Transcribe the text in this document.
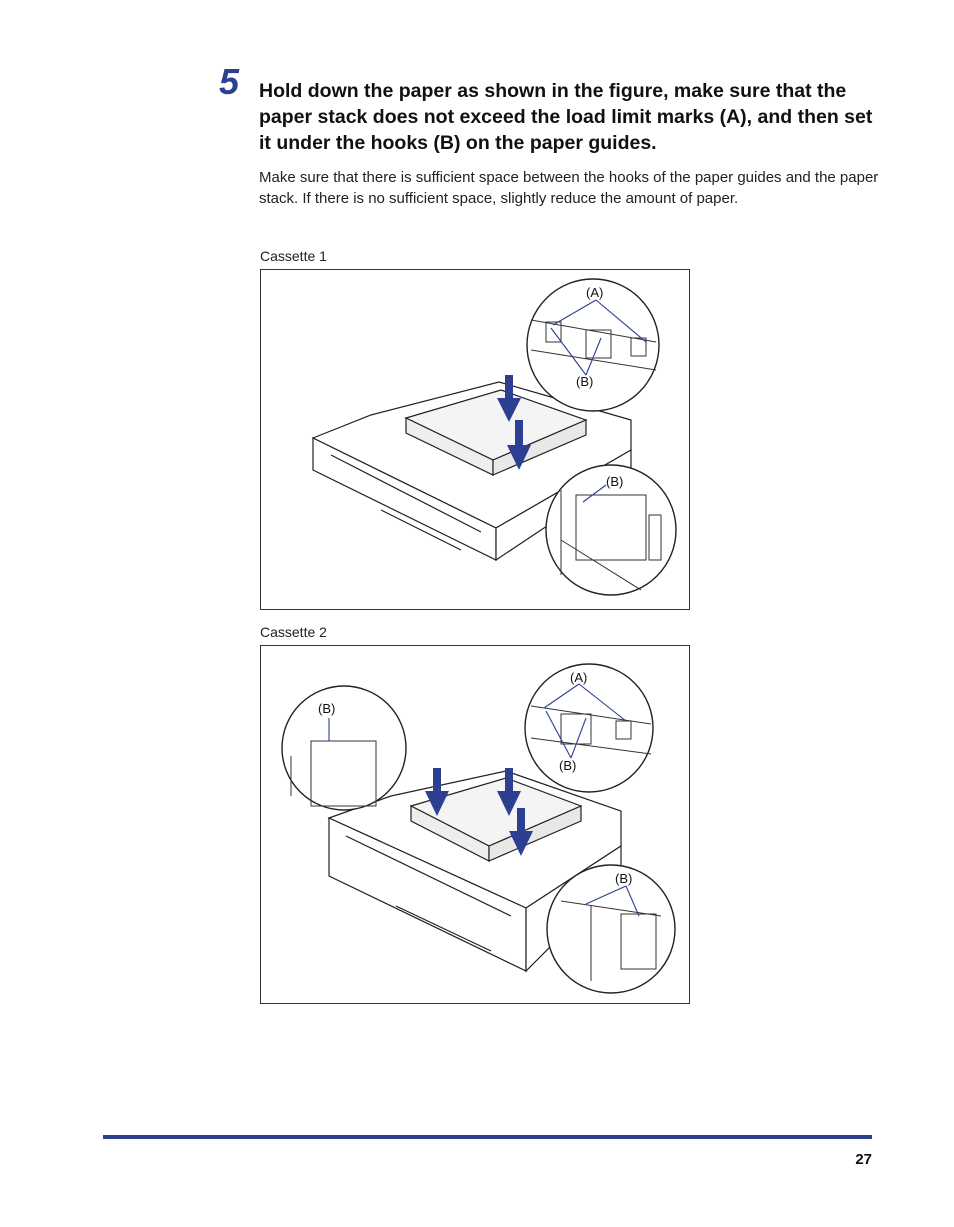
5 Hold down the paper as shown in the figure, make sure that the paper stack does not exceed the load limit marks (A), and then set it under the hooks (B) on the paper guides.

Make sure that there is sufficient space between the hooks of the paper guides and the paper stack. If there is no sufficient space, slightly reduce the amount of paper.

Cassette 1
(A)
(B)
(B)
Cassette 2
(B)
(A)
(B)
(B)
27
